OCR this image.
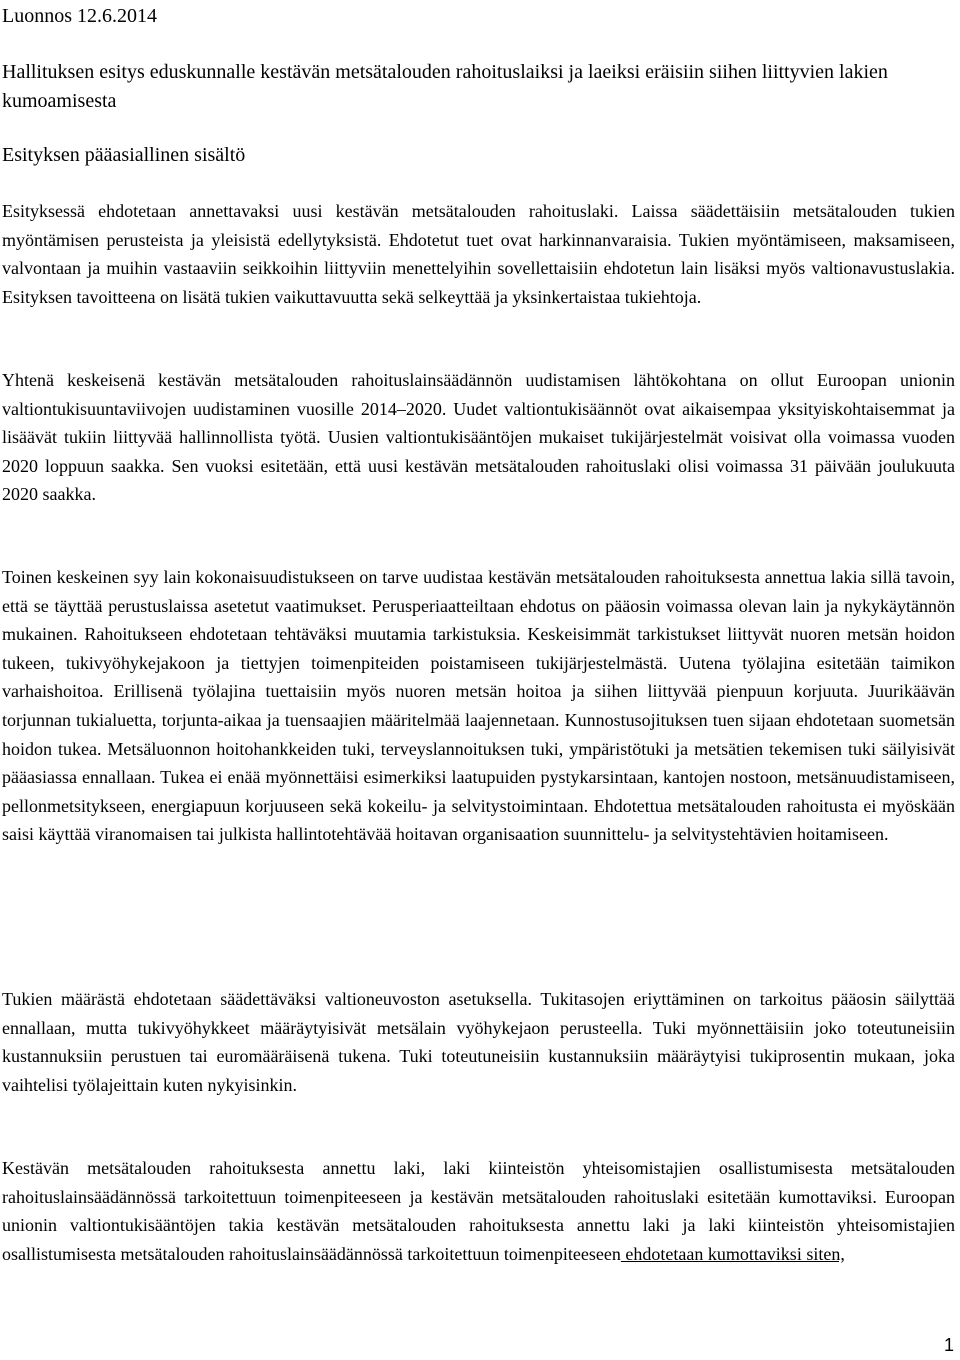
Luonnos 12.6.2014

Hallituksen esitys eduskunnalle kestävän metsätalouden rahoituslaiksi ja laeiksi eräisiin siihen liittyvien lakien kumoamisesta
Esityksen pääasiallinen sisältö

Esityksessä ehdotetaan annettavaksi uusi kestävän metsätalouden rahoituslaki. Laissa säädettäisiin metsätalouden tukien myöntämisen perusteista ja yleisistä edellytyksistä. Ehdotetut tuet ovat harkinnanvaraisia. Tukien myöntämiseen, maksamiseen, valvontaan ja muihin vastaaviin seikkoihin liittyviin menettelyihin sovellettaisiin ehdotetun lain lisäksi myös valtionavustuslakia. Esityksen tavoitteena on lisätä tukien vaikuttavuutta sekä selkeyttää ja yksinkertaistaa tukiehtoja.

Yhtenä keskeisenä kestävän metsätalouden rahoituslainsäädännön uudistamisen lähtökohtana on ollut Euroopan unionin valtiontukisuuntaviivojen uudistaminen vuosille 2014–2020. Uudet valtiontukisäännöt ovat aikaisempaa yksityiskohtaisemmat ja lisäävät tukiin liittyvää hallinnollista työtä. Uusien valtiontukisääntöjen mukaiset tukijärjestelmät voisivat olla voimassa vuoden 2020 loppuun saakka. Sen vuoksi esitetään, että uusi kestävän metsätalouden rahoituslaki olisi voimassa 31 päivään joulukuuta 2020 saakka.

Toinen keskeinen syy lain kokonaisuudistukseen on tarve uudistaa kestävän metsätalouden rahoituksesta annettua lakia sillä tavoin, että se täyttää perustuslaissa asetetut vaatimukset. Perusperiaatteiltaan ehdotus on pääosin voimassa olevan lain ja nykykäytännön mukainen. Rahoitukseen ehdotetaan tehtäväksi muutamia tarkistuksia. Keskeisimmät tarkistukset liittyvät nuoren metsän hoidon tukeen, tukivyöhykejakoon ja tiettyjen toimenpiteiden poistamiseen tukijärjestelmästä. Uutena työlajina esitetään taimikon varhaishoitoa. Erillisenä työlajina tuettaisiin myös nuoren metsän hoitoa ja siihen liittyvää pienpuun korjuuta. Juurikäävän torjunnan tukialuetta, torjunta-aikaa ja tuensaajien määritelmää laajennetaan. Kunnostusojituksen tuen sijaan ehdotetaan suometsän hoidon tukea. Metsäluonnon hoitohankkeiden tuki, terveyslannoituksen tuki, ympäristötuki ja metsätien tekemisen tuki säilyisivät pääasiassa ennallaan. Tukea ei enää myönnettäisi esimerkiksi laatupuiden pystykarsintaan, kantojen nostoon, metsänuudistamiseen, pellonmetsitykseen, energiapuun korjuuseen sekä kokeilu- ja selvitystoimintaan. Ehdotettua metsätalouden rahoitusta ei myöskään saisi käyttää viranomaisen tai julkista hallintotehtävää hoitavan organisaation suunnittelu- ja selvitystehtävien hoitamiseen.

Tukien määrästä ehdotetaan säädettäväksi valtioneuvoston asetuksella. Tukitasojen eriyttäminen on tarkoitus pääosin säilyttää ennallaan, mutta tukivyöhykkeet määräytyisivät metsälain vyöhykejaon perusteella. Tuki myönnettäisiin joko toteutuneisiin kustannuksiin perustuen tai euromääräisenä tukena. Tuki toteutuneisiin kustannuksiin määräytyisi tukiprosentin mukaan, joka vaihtelisi työlajeittain kuten nykyisinkin.

Kestävän metsätalouden rahoituksesta annettu laki, laki kiinteistön yhteisomistajien osallistumisesta metsätalouden rahoituslainsäädännössä tarkoitettuun toimenpiteeseen ja kestävän metsätalouden rahoituslaki esitetään kumottaviksi. Euroopan unionin valtiontukisääntöjen takia kestävän metsätalouden rahoituksesta annettu laki ja laki kiinteistön yhteisomistajien osallistumisesta metsätalouden rahoituslainsäädännössä tarkoitettuun toimenpiteeseen ehdotetaan kumottaviksi siten,

1
